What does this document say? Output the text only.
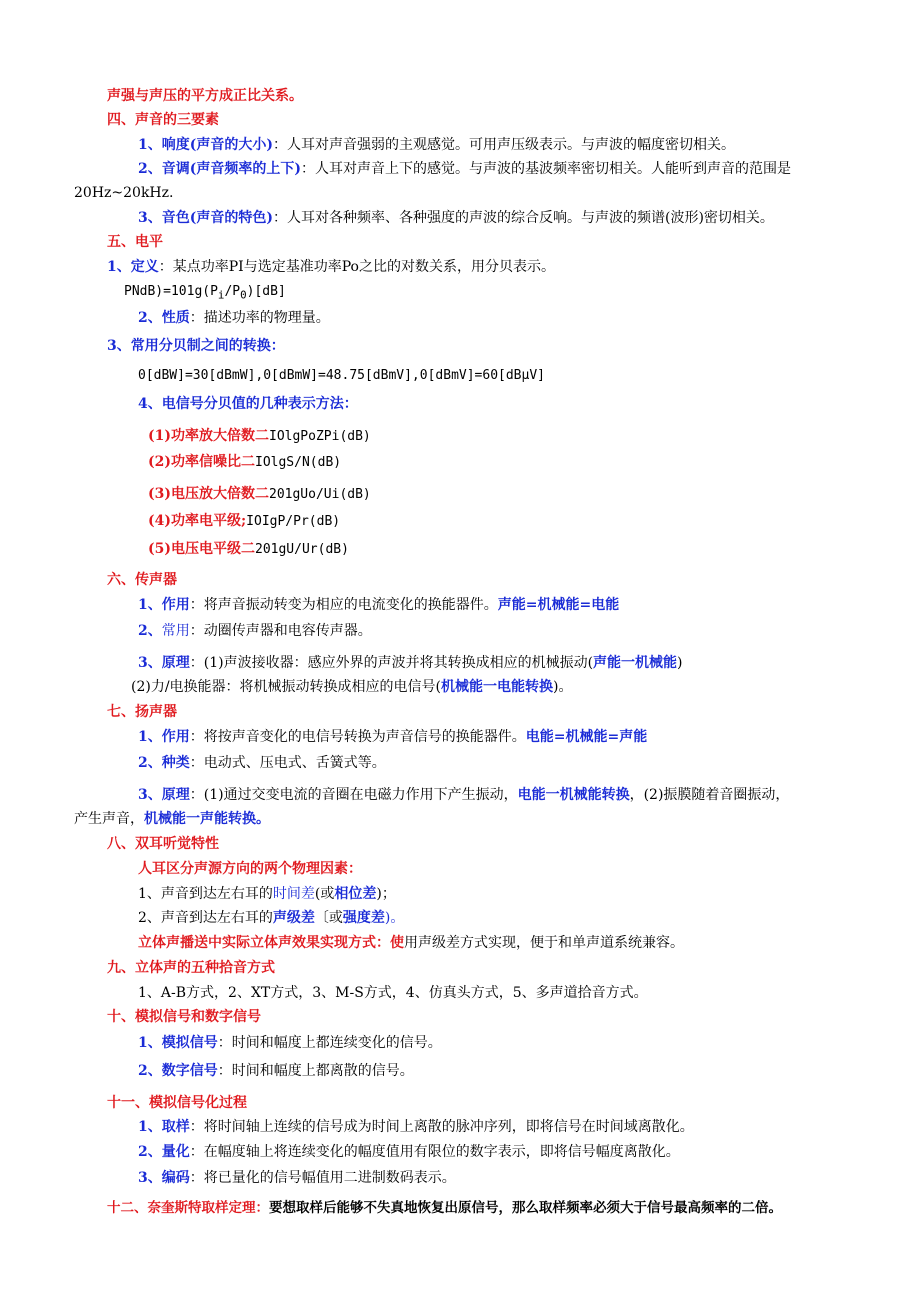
声强与声压的平方成正比关系。
四、声音的三要素
1、响度(声音的大小)：人耳对声音强弱的主观感觉。可用声压级表示。与声波的幅度密切相关。
2、音调(声音频率的上下)：人耳对声音上下的感觉。与声波的基波频率密切相关。人能听到声音的范围是
20Hz~20kHz.
3、音色(声音的特色)：人耳对各种频率、各种强度的声波的综合反响。与声波的频谱(波形)密切相关。
五、电平
1、定义：某点功率PI与选定基准功率Po之比的对数关系，用分贝表示。
$PNdB)=101g(P_i/P_0)[dB]$
2、性质：描述功率的物理量。
3、常用分贝制之间的转换：
0[dBW]=30[dBmW],0[dBmW]=48.75[dBmV],0[dBmV]=60[dBμV]
4、电信号分贝值的几种表示方法：
(1)功率放大倍数二IOlgPoZPi(dB)
(2)功率信噪比二IOlgS/N(dB)
(3)电压放大倍数二201gUo/Ui(dB)
(4)功率电平级;IOIgP/Pr(dB)
(5)电压电平级二201gU/Ur(dB)
六、传声器
1、作用：将声音振动转变为相应的电流变化的换能器件。声能=机械能=电能
2、常用：动圈传声器和电容传声器。
3、原理：(1)声波接收器：感应外界的声波并将其转换成相应的机械振动(声能一机械能)
(2)力/电换能器：将机械振动转换成相应的电信号(机械能一电能转换)。
七、扬声器
1、作用：将按声音变化的电信号转换为声音信号的换能器件。电能=机械能=声能
2、种类：电动式、压电式、舌簧式等。
3、原理：(1)通过交变电流的音圈在电磁力作用下产生振动，电能一机械能转换，(2)振膜随着音圈振动，
产生声音，机械能一声能转换。
八、双耳听觉特性
人耳区分声源方向的两个物理因素：
1、声音到达左右耳的时间差(或相位差)；
2、声音到达左右耳的声级差〔或强度差)。
立体声播送中实际立体声效果实现方式：使用声级差方式实现，便于和单声道系统兼容。
九、立体声的五种拾音方式
1、A-B方式，2、XT方式，3、M-S方式，4、仿真头方式，5、多声道拾音方式。
十、模拟信号和数字信号
1、模拟信号：时间和幅度上都连续变化的信号。
2、数字信号：时间和幅度上都离散的信号。
十一、模拟信号化过程
1、取样：将时间轴上连续的信号成为时间上离散的脉冲序列，即将信号在时间域离散化。
2、量化：在幅度轴上将连续变化的幅度值用有限位的数字表示，即将信号幅度离散化。
3、编码：将已量化的信号幅值用二进制数码表示。
十二、奈奎斯特取样定理：要想取样后能够不失真地恢复出原信号，那么取样频率必须大于信号最高频率的二倍。
